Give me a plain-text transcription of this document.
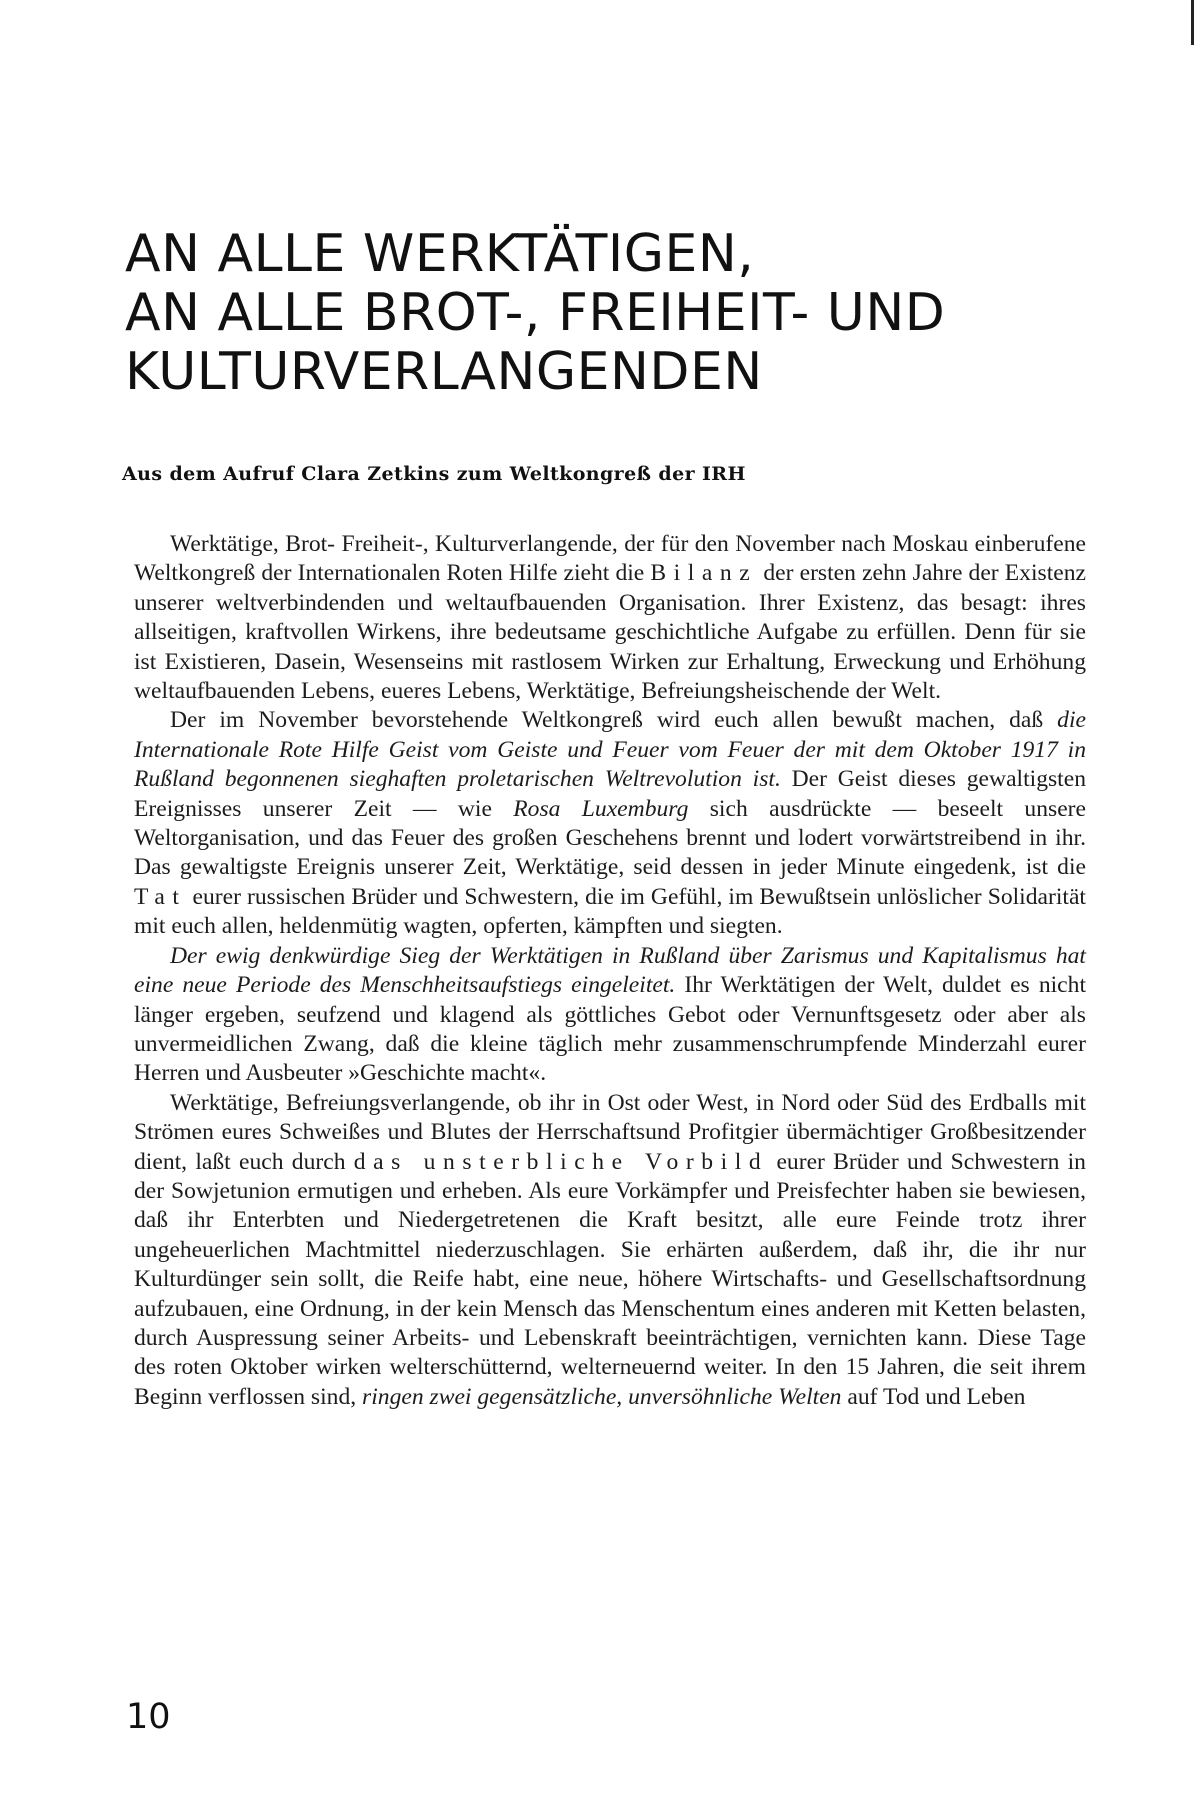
AN ALLE WERKTÄTIGEN,
AN ALLE BROT-, FREIHEIT- UND
KULTURVERLANGENDEN
Aus dem Aufruf Clara Zetkins zum Weltkongreß der IRH

Werktätige, Brot- Freiheit-, Kulturverlangende, der für den November nach Moskau einberufene Weltkongreß der Internationalen Roten Hilfe zieht die Bilanz der ersten zehn Jahre der Existenz unserer weltverbindenden und weltaufbauenden Organisation. Ihrer Existenz, das besagt: ihres allseitigen, kraftvollen Wirkens, ihre bedeutsame geschichtliche Aufgabe zu erfüllen. Denn für sie ist Existieren, Dasein, Wesenseins mit rastlosem Wirken zur Erhaltung, Erweckung und Erhöhung weltaufbauenden Lebens, eueres Lebens, Werktätige, Befreiungsheischende der Welt.

Der im November bevorstehende Weltkongreß wird euch allen bewußt machen, daß die Internationale Rote Hilfe Geist vom Geiste und Feuer vom Feuer der mit dem Oktober 1917 in Rußland begonnenen sieghaften proletarischen Weltrevolution ist. Der Geist dieses gewaltigsten Ereignisses unserer Zeit — wie Rosa Luxemburg sich ausdrückte — beseelt unsere Weltorganisation, und das Feuer des großen Geschehens brennt und lodert vorwärtstreibend in ihr. Das gewaltigste Ereignis unserer Zeit, Werktätige, seid dessen in jeder Minute eingedenk, ist die Tat eurer russischen Brüder und Schwestern, die im Gefühl, im Bewußtsein unlöslicher Solidarität mit euch allen, heldenmütig wagten, opferten, kämpften und siegten.

Der ewig denkwürdige Sieg der Werktätigen in Rußland über Zarismus und Kapitalismus hat eine neue Periode des Menschheitsaufstiegs eingeleitet. Ihr Werktätigen der Welt, duldet es nicht länger ergeben, seufzend und klagend als göttliches Gebot oder Vernunftsgesetz oder aber als unvermeidlichen Zwang, daß die kleine täglich mehr zusammenschrumpfende Minderzahl eurer Herren und Ausbeuter »Geschichte macht«.

Werktätige, Befreiungsverlangende, ob ihr in Ost oder West, in Nord oder Süd des Erdballs mit Strömen eures Schweißes und Blutes der Herrschaftsund Profitgier übermächtiger Großbesitzender dient, laßt euch durch das unsterbliche Vorbild eurer Brüder und Schwestern in der Sowjetunion ermutigen und erheben. Als eure Vorkämpfer und Preisfechter haben sie bewiesen, daß ihr Enterbten und Niedergetretenen die Kraft besitzt, alle eure Feinde trotz ihrer ungeheuerlichen Machtmittel niederzuschlagen. Sie erhärten außerdem, daß ihr, die ihr nur Kulturdünger sein sollt, die Reife habt, eine neue, höhere Wirtschafts- und Gesellschaftsordnung aufzubauen, eine Ordnung, in der kein Mensch das Menschentum eines anderen mit Ketten belasten, durch Auspressung seiner Arbeits- und Lebenskraft beeinträchtigen, vernichten kann. Diese Tage des roten Oktober wirken welterschütternd, welterneuernd weiter. In den 15 Jahren, die seit ihrem Beginn verflossen sind, ringen zwei gegensätzliche, unversöhnliche Welten auf Tod und Leben

10
